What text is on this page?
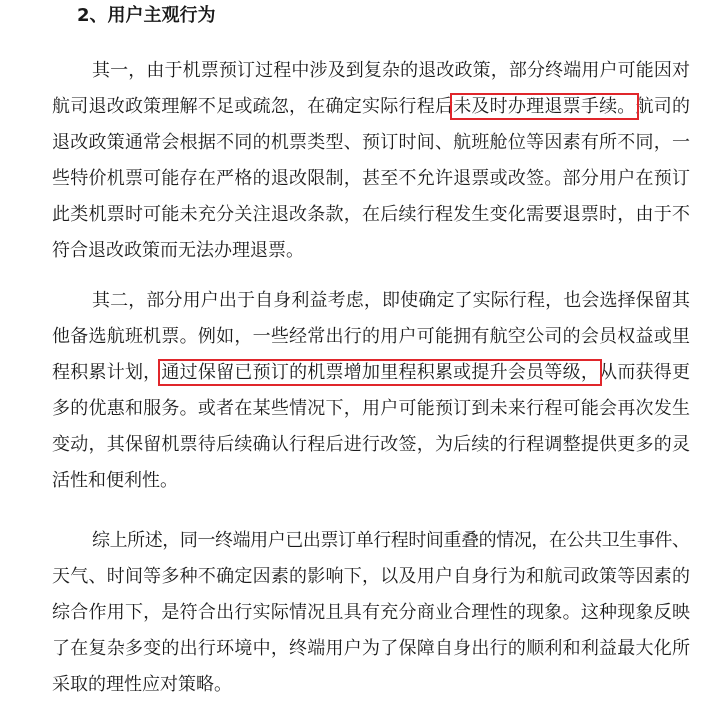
2、用户主观行为
其一，由于机票预订过程中涉及到复杂的退改政策，部分终端用户可能因对
航司退改政策理解不足或疏忽，在确定实际行程后未及时办理退票手续。航司的
退改政策通常会根据不同的机票类型、预订时间、航班舱位等因素有所不同，一
些特价机票可能存在严格的退改限制，甚至不允许退票或改签。部分用户在预订
此类机票时可能未充分关注退改条款，在后续行程发生变化需要退票时，由于不
符合退改政策而无法办理退票。
其二，部分用户出于自身利益考虑，即使确定了实际行程，也会选择保留其
他备选航班机票。例如，一些经常出行的用户可能拥有航空公司的会员权益或里
程积累计划，通过保留已预订的机票增加里程积累或提升会员等级，从而获得更
多的优惠和服务。或者在某些情况下，用户可能预订到未来行程可能会再次发生
变动，其保留机票待后续确认行程后进行改签，为后续的行程调整提供更多的灵
活性和便利性。
综上所述，同一终端用户已出票订单行程时间重叠的情况，在公共卫生事件、
天气、时间等多种不确定因素的影响下，以及用户自身行为和航司政策等因素的
综合作用下，是符合出行实际情况且具有充分商业合理性的现象。这种现象反映
了在复杂多变的出行环境中，终端用户为了保障自身出行的顺利和利益最大化所
采取的理性应对策略。
